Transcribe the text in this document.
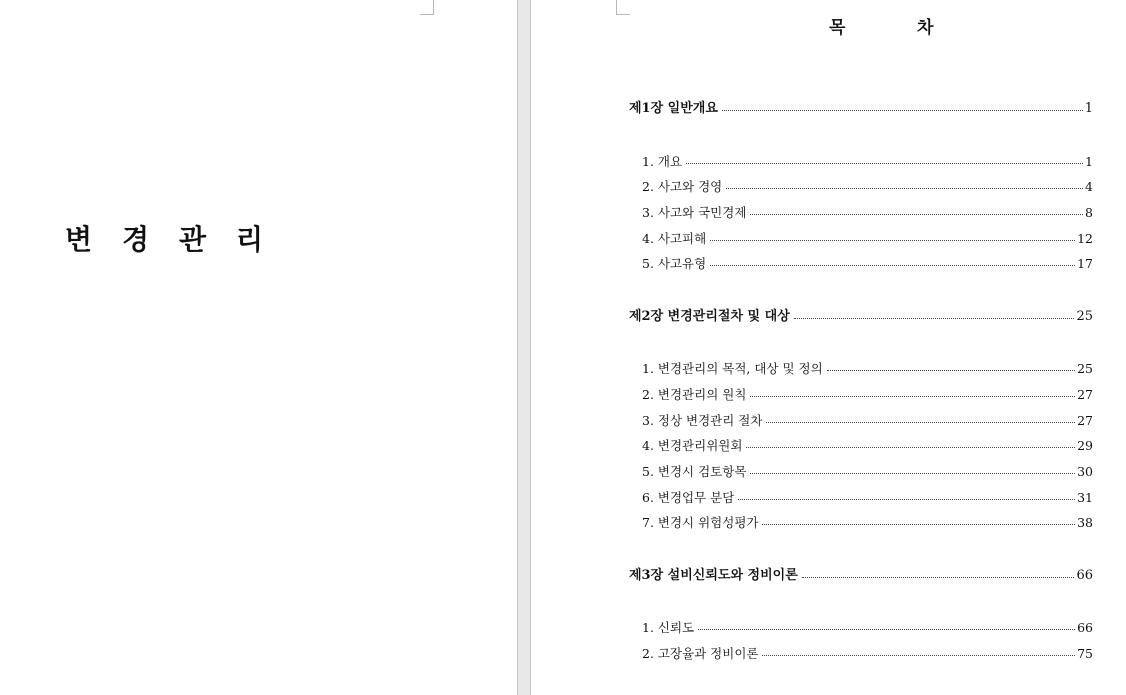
변 경 관 리
목	차
제1장 일반개요	1
1. 개요	1
2. 사고와 경영	4
3. 사고와 국민경제	8
4. 사고피해	12
5. 사고유형	17
제2장 변경관리절차 및 대상	25
1. 변경관리의 목적, 대상 및 정의	25
2. 변경관리의 원칙	27
3. 정상 변경관리 절차	27
4. 변경관리위원회	29
5. 변경시 검토항목	30
6. 변경업무 분담	31
7. 변경시 위험성평가	38
제3장 설비신뢰도와 정비이론	66
1. 신뢰도	66
2. 고장율과 정비이론	75
